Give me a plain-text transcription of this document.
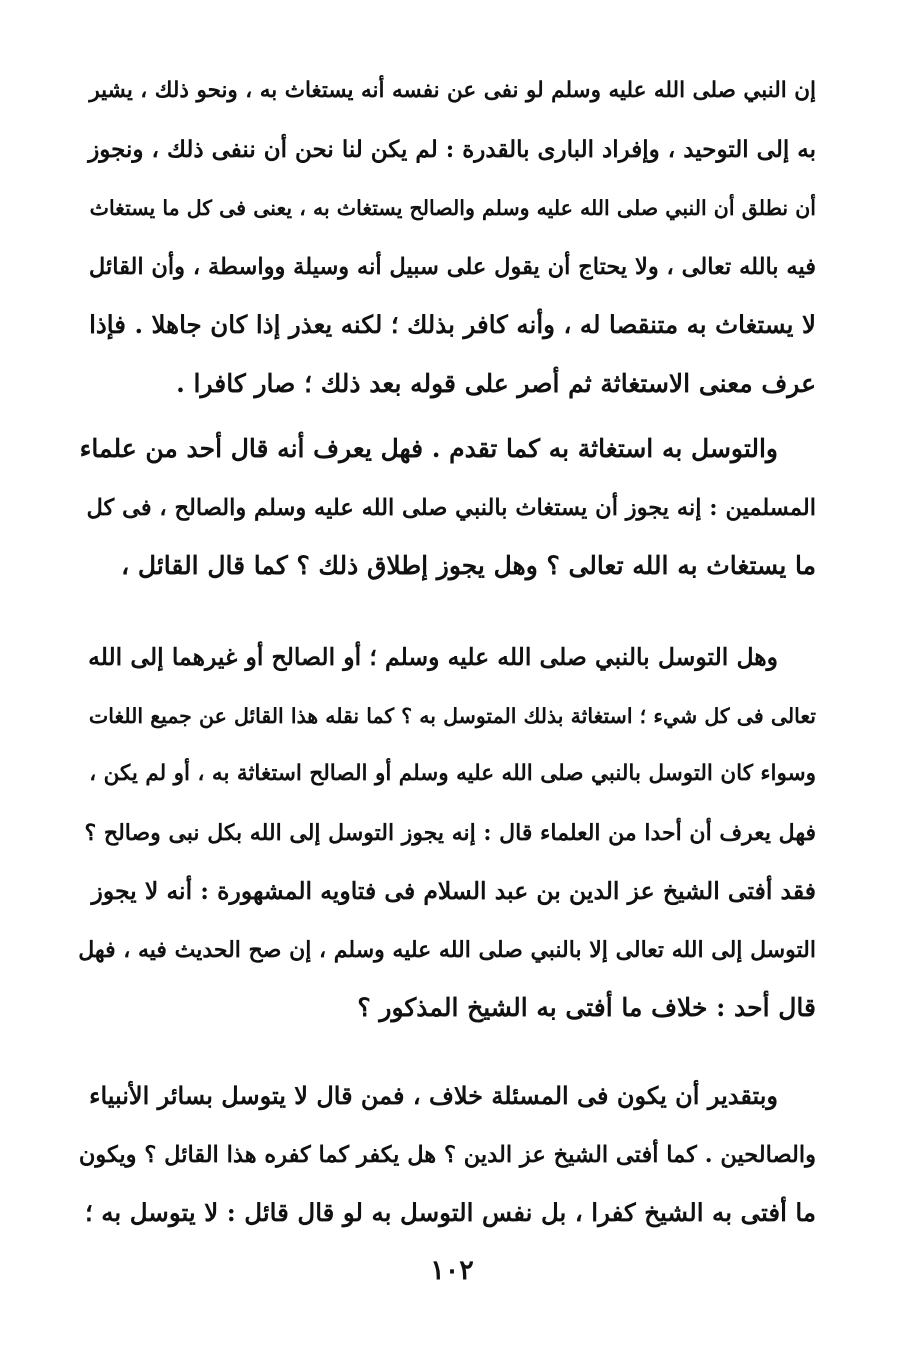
إن النبي صلى الله عليه وسلم لو نفى عن نفسه أنه يستغاث به ، ونحو ذلك ، يشير
به إلى التوحيد ، وإفراد البارى بالقدرة : لم يكن لنا نحن أن ننفى ذلك ، ونجوز
أن نطلق أن النبي صلى الله عليه وسلم والصالح يستغاث به ، يعنى فى كل ما يستغاث
فيه بالله تعالى ، ولا يحتاج أن يقول على سبيل أنه وسيلة وواسطة ، وأن القائل
لا يستغاث به متنقصا له ، وأنه كافر بذلك ؛ لكنه يعذر إذا كان جاهلا . فإذا
عرف معنى الاستغاثة ثم أصر على قوله بعد ذلك ؛ صار كافرا .
والتوسل به استغاثة به كما تقدم . فهل يعرف أنه قال أحد من علماء
المسلمين : إنه يجوز أن يستغاث بالنبي صلى الله عليه وسلم والصالح ، فى كل
ما يستغاث به الله تعالى ؟ وهل يجوز إطلاق ذلك ؟ كما قال القائل ،
وهل التوسل بالنبي صلى الله عليه وسلم ؛ أو الصالح أو غيرهما إلى الله
تعالى فى كل شيء ؛ استغاثة بذلك المتوسل به ؟ كما نقله هذا القائل عن جميع اللغات
وسواء كان التوسل بالنبي صلى الله عليه وسلم أو الصالح استغاثة به ، أو لم يكن ،
فهل يعرف أن أحدا من العلماء قال : إنه يجوز التوسل إلى الله بكل نبى وصالح ؟
فقد أفتى الشيخ عز الدين بن عبد السلام فى فتاويه المشهورة : أنه لا يجوز
التوسل إلى الله تعالى إلا بالنبي صلى الله عليه وسلم ، إن صح الحديث فيه ، فهل
قال أحد : خلاف ما أفتى به الشيخ المذكور ؟
وبتقدير أن يكون فى المسئلة خلاف ، فمن قال لا يتوسل بسائر الأنبياء
والصالحين . كما أفتى الشيخ عز الدين ؟ هل يكفر كما كفره هذا القائل ؟ ويكون
ما أفتى به الشيخ كفرا ، بل نفس التوسل به لو قال قائل : لا يتوسل به ؛
١٠٢
